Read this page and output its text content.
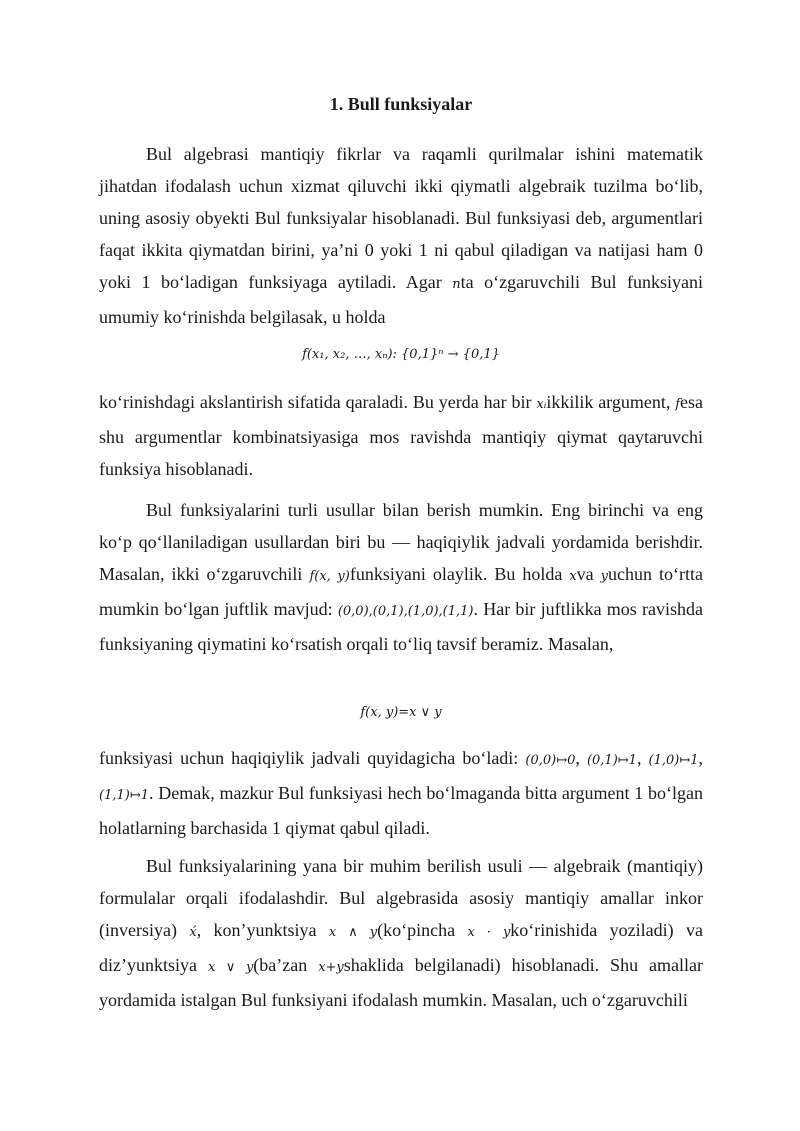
1. Bull funksiyalar

Bul algebrasi mantiqiy fikrlar va raqamli qurilmalar ishini matematik jihatdan ifodalash uchun xizmat qiluvchi ikki qiymatli algebraik tuzilma bo‘lib, uning asosiy obyekti Bul funksiyalar hisoblanadi. Bul funksiyasi deb, argumentlari faqat ikkita qiymatdan birini, ya’ni 0 yoki 1 ni qabul qiladigan va natijasi ham 0 yoki 1 bo‘ladigan funksiyaga aytiladi. Agar nta o‘zgaruvchili Bul funksiyani umumiy ko‘rinishda belgilasak, u holda

f(x₁, x₂, …, xₙ): {0,1}ⁿ → {0,1}

ko‘rinishdagi akslantirish sifatida qaraladi. Bu yerda har bir xᵢikkilik argument, fesa shu argumentlar kombinatsiyasiga mos ravishda mantiqiy qiymat qaytaruvchi funksiya hisoblanadi.

Bul funksiyalarini turli usullar bilan berish mumkin. Eng birinchi va eng ko‘p qo‘llaniladigan usullardan biri bu — haqiqiylik jadvali yordamida berishdir. Masalan, ikki o‘zgaruvchili f(x, y)funksiyani olaylik. Bu holda xva yuchun to‘rtta mumkin bo‘lgan juftlik mavjud: (0,0),(0,1),(1,0),(1,1). Har bir juftlikka mos ravishda funksiyaning qiymatini ko‘rsatish orqali to‘liq tavsif beramiz. Masalan,

f(x, y)=x ∨ y

funksiyasi uchun haqiqiylik jadvali quyidagicha bo‘ladi: (0,0)↦0, (0,1)↦1, (1,0)↦1, (1,1)↦1. Demak, mazkur Bul funksiyasi hech bo‘lmaganda bitta argument 1 bo‘lgan holatlarning barchasida 1 qiymat qabul qiladi.

Bul funksiyalarining yana bir muhim berilish usuli — algebraik (mantiqiy) formulalar orqali ifodalashdir. Bul algebrasida asosiy mantiqiy amallar inkor (inversiya) x́, kon’yunktsiya x ∧ y(ko‘pincha x · yko‘rinishida yoziladi) va diz’yunktsiya x ∨ y(ba’zan x+yshaklida belgilanadi) hisoblanadi. Shu amallar yordamida istalgan Bul funksiyani ifodalash mumkin. Masalan, uch o‘zgaruvchili
